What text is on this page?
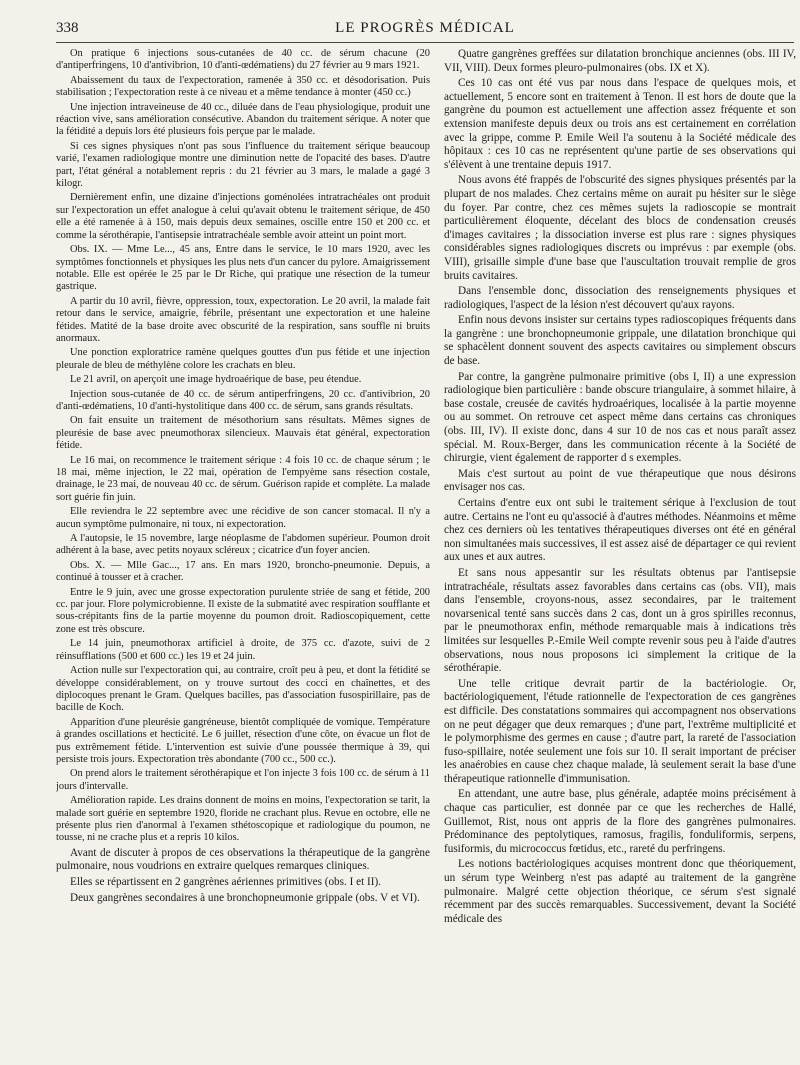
338	LE PROGRÈS MÉDICAL

On pratique 6 injections sous-cutanées de 40 cc. de sérum chacune (20 d'antiperfringens, 10 d'antivibrion, 10 d'anti-œdématiens) du 27 février au 9 mars 1921.

Abaissement du taux de l'expectoration, ramenée à 350 cc. et désodorisation. Puis stabilisation ; l'expectoration reste à ce niveau et a même tendance à monter (450 cc.)

Une injection intraveineuse de 40 cc., diluée dans de l'eau physiologique, produit une réaction vive, sans amélioration consécutive. Abandon du traitement sérique. A noter que la fétidité a depuis lors été plusieurs fois perçue par le malade.

Si ces signes physiques n'ont pas sous l'influence du traitement sérique beaucoup varié, l'examen radiologique montre une diminution nette de l'opacité des bases. D'autre part, l'état général a notablement repris : du 21 février au 3 mars, le malade a gagé 3 kilogr.

Dernièrement enfin, une dizaine d'injections goménolées intratrachéales ont produit sur l'expectoration un effet analogue à celui qu'avait obtenu le traitement sérique, de 450 elle a été ramenée à à 150, mais depuis deux semaines, oscille entre 150 et 200 cc. et comme la sérothérapie, l'antisepsie intratrachéale semble avoir atteint un point mort.

Obs. IX. — Mme Le..., 45 ans, Entre dans le service, le 10 mars 1920, avec les symptômes fonctionnels et physiques les plus nets d'un cancer du pylore. Amaigrissement notable. Elle est opérée le 25 par le Dr Riche, qui pratique une résection de la tumeur gastrique.

A partir du 10 avril, fièvre, oppression, toux, expectoration. Le 20 avril, la malade fait retour dans le service, amaigrie, fébrile, présentant une expectoration et une haleine fétides. Matité de la base droite avec obscurité de la respiration, sans souffle ni bruits anormaux.

Une ponction exploratrice ramène quelques gouttes d'un pus fétide et une injection pleurale de bleu de méthylène colore les crachats en bleu.

Le 21 avril, on aperçoit une image hydroaérique de base, peu étendue.

Injection sous-cutanée de 40 cc. de sérum antiperfringens, 20 cc. d'antivibrion, 20 d'anti-œdématiens, 10 d'anti-hystolitique dans 400 cc. de sérum, sans grands résultats.

On fait ensuite un traitement de mésothorium sans résultats. Mêmes signes de pleurésie de base avec pneumothorax silencieux. Mauvais état général, expectoration fétide.

Le 16 mai, on recommence le traitement sérique : 4 fois 10 cc. de chaque sérum ; le 18 mai, même injection, le 22 mai, opération de l'empyème sans résection costale, drainage, le 23 mai, de nouveau 40 cc. de sérum. Guérison rapide et complète. La malade sort guérie fin juin.

Elle reviendra le 22 septembre avec une récidive de son cancer stomacal. Il n'y a aucun symptôme pulmonaire, ni toux, ni expectoration.

A l'autopsie, le 15 novembre, large néoplasme de l'abdomen supérieur. Poumon droit adhérent à la base, avec petits noyaux scléreux ; cicatrice d'un foyer ancien.

Obs. X. — Mlle Gac..., 17 ans. En mars 1920, broncho-pneumonie. Depuis, a continué à tousser et à cracher.

Entre le 9 juin, avec une grosse expectoration purulente striée de sang et fétide, 200 cc. par jour. Flore polymicrobienne. Il existe de la submatité avec respiration soufflante et sous-crépitants fins de la partie moyenne du poumon droit. Radioscopiquement, cette zone est très obscure.

Le 14 juin, pneumothorax artificiel à droite, de 375 cc. d'azote, suivi de 2 réinsufflations (500 et 600 cc.) les 19 et 24 juin.

Action nulle sur l'expectoration qui, au contraire, croît peu à peu, et dont la fétidité se développe considérablement, on y trouve surtout des cocci en chaînettes, et des diplocoques prenant le Gram. Quelques bacilles, pas d'association fusospirillaire, pas de bacille de Koch.

Apparition d'une pleurésie gangréneuse, bientôt compliquée de vomique. Température à grandes oscillations et hecticité. Le 6 juillet, résection d'une côte, on évacue un flot de pus extrêmement fétide. L'intervention est suivie d'une poussée thermique à 39, qui persiste trois jours. Expectoration très abondante (700 cc., 500 cc.).

On prend alors le traitement sérothérapique et l'on injecte 3 fois 100 cc. de sérum à 11 jours d'intervalle.

Amélioration rapide. Les drains donnent de moins en moins, l'expectoration se tarit, la malade sort guérie en septembre 1920, floride ne crachant plus. Revue en octobre, elle ne présente plus rien d'anormal à l'examen sthétoscopique et radiologique du poumon, ne tousse, ni ne crache plus et a repris 10 kilos.

Avant de discuter à propos de ces observations la thérapeutique de la gangrène pulmonaire, nous voudrions en extraire quelques remarques cliniques.

Elles se répartissent en 2 gangrènes aériennes primitives (obs. I et II).

Deux gangrènes secondaires à une bronchopneumonie grippale (obs. V et VI).

Quatre gangrènes greffées sur dilatation bronchique anciennes (obs. III IV, VII, VIII). Deux formes pleuro-pulmonaires (obs. IX et X).

Ces 10 cas ont été vus par nous dans l'espace de quelques mois, et actuellement, 5 encore sont en traitement à Tenon. Il est hors de doute que la gangrène du poumon est actuellement une affection assez fréquente et son extension manifeste depuis deux ou trois ans est certainement en corrélation avec la grippe, comme P. Emile Weil l'a soutenu à la Société médicale des hôpitaux : ces 10 cas ne représentent qu'une partie de ses observations qui s'élèvent à une trentaine depuis 1917.

Nous avons été frappés de l'obscurité des signes physiques présentés par la plupart de nos malades. Chez certains même on aurait pu hésiter sur le siège du foyer. Par contre, chez ces mêmes sujets la radioscopie se montrait particulièrement éloquente, décelant des blocs de condensation creusés d'images cavitaires ; la dissociation inverse est plus rare : signes physiques considérables signes radiologiques discrets ou imprévus : par exemple (obs. VIII), grisaille simple d'une base que l'auscultation trouvait remplie de gros bruits cavitaires.

Dans l'ensemble donc, dissociation des renseignements physiques et radiologiques, l'aspect de la lésion n'est découvert qu'aux rayons.

Enfin nous devons insister sur certains types radioscopiques fréquents dans la gangrène : une bronchopneumonie grippale, une dilatation bronchique qui se sphacèlent donnent souvent des aspects cavitaires ou simplement obscurs de base.

Par contre, la gangrène pulmonaire primitive (obs I, II) a une expression radiologique bien particulière : bande obscure triangulaire, à sommet hilaire, à base costale, creusée de cavités hydroaériques, localisée à la partie moyenne ou au sommet. On retrouve cet aspect même dans certains cas chroniques (obs. III, IV). Il existe donc, dans 4 sur 10 de nos cas et nous paraît assez spécial. M. Roux-Berger, dans les communication récente à la Société de chirurgie, vient également de rapporter d s exemples.

Mais c'est surtout au point de vue thérapeutique que nous désirons envisager nos cas.

Certains d'entre eux ont subi le traitement sérique à l'exclusion de tout autre. Certains ne l'ont eu qu'associé à d'autres méthodes. Néanmoins et même chez ces derniers où les tentatives thérapeutiques diverses ont été en général non simultanées mais successives, il est assez aisé de départager ce qui revient aux unes et aux autres.

Et sans nous appesantir sur les résultats obtenus par l'antisepsie intratrachéale, résultats assez favorables dans certains cas (obs. VII), mais dans l'ensemble, croyons-nous, assez secondaires, par le traitement novarsenical tenté sans succès dans 2 cas, dont un à gros spirilles reconnus, par le pneumothorax enfin, méthode remarquable mais à indications très limitées sur lesquelles P.-Emile Weil compte revenir sous peu à l'aide d'autres observations, nous nous proposons ici simplement la critique de la sérothérapie.

Une telle critique devrait partir de la bactériologie. Or, bactériologiquement, l'étude rationnelle de l'expectoration de ces gangrènes est difficile. Des constatations sommaires qui accompagnent nos observations on ne peut dégager que deux remarques ; d'une part, l'extrême multiplicité et le polymorphisme des germes en cause ; d'autre part, la rareté de l'association fuso-spillaire, notée seulement une fois sur 10. Il serait important de préciser les anaérobies en cause chez chaque malade, là seulement serait la base d'une thérapeutique rationnelle d'immunisation.

En attendant, une autre base, plus générale, adaptée moins précisément à chaque cas particulier, est donnée par ce que les recherches de Hallé, Guillemot, Rist, nous ont appris de la flore des gangrènes pulmonaires. Prédominance des peptolytiques, ramosus, fragilis, fonduliformis, serpens, fusiformis, du micrococcus fœtidus, etc., rareté du perfringens.

Les notions bactériologiques acquises montrent donc que théoriquement, un sérum type Weinberg n'est pas adapté au traitement de la gangrène pulmonaire. Malgré cette objection théorique, ce sérum s'est signalé récemment par des succès remarquables. Successivement, devant la Société médicale des
